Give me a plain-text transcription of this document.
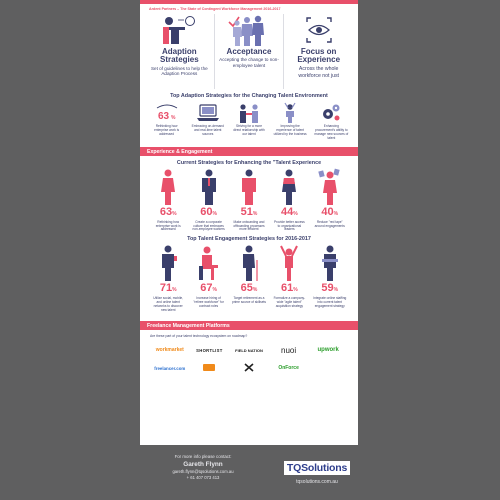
Ardent Partners – The State of Contingent Workforce Management 2016-2017
Adaption Strategies
Set of guidelines to help the Adaption Process
Acceptance
Accepting the change to non-employee talent
Focus on Experience
Across the whole workforce not just
Top Adaption Strategies for the Changing Talent Environment
63 %
Rethinking how enterprise work is addressed
Embracing on-demand and real-time talent sources
Striving for a more direct relationship with our talent
Improving the experience of talent utilized by the business
Enhancing procurement's ability to manage new sources of talent
Experience & Engagement
Current Strategies for Enhancing the "Talent Experience
63%
Rethinking how enterprise work is addressed
60%
Create a corporate culture that embraces non-employee workers
51%
Make onboarding and offboarding processes more efficient
44%
Provide better access to organizational leaders
40%
Reduce "red tape" around engagements
Top Talent Engagement Strategies for 2016-2017
71%
Utilize social, mobile, and online talent networks to discover new talent
67%
Increase hiring of "retiree workforce" for contract roles
65%
Target retirement as a prime source of skillsets
61%
Formalize a company-wide "agile talent" acquisition strategy
59%
Integrate online staffing into current talent engagement strategy
Freelance Management Platforms
Are these part of your talent technology ecosystem on roadmap?
workmarket	SHORTLIST	FIELD NATION	nuoi	upwork
freelancer.com	OnForce
For more info please contact:
Gareth Flynn
gareth.flynn@tqsolutions.com.au
+ 61 407 073 413
TQSolutions
tqsolutions.com.au
